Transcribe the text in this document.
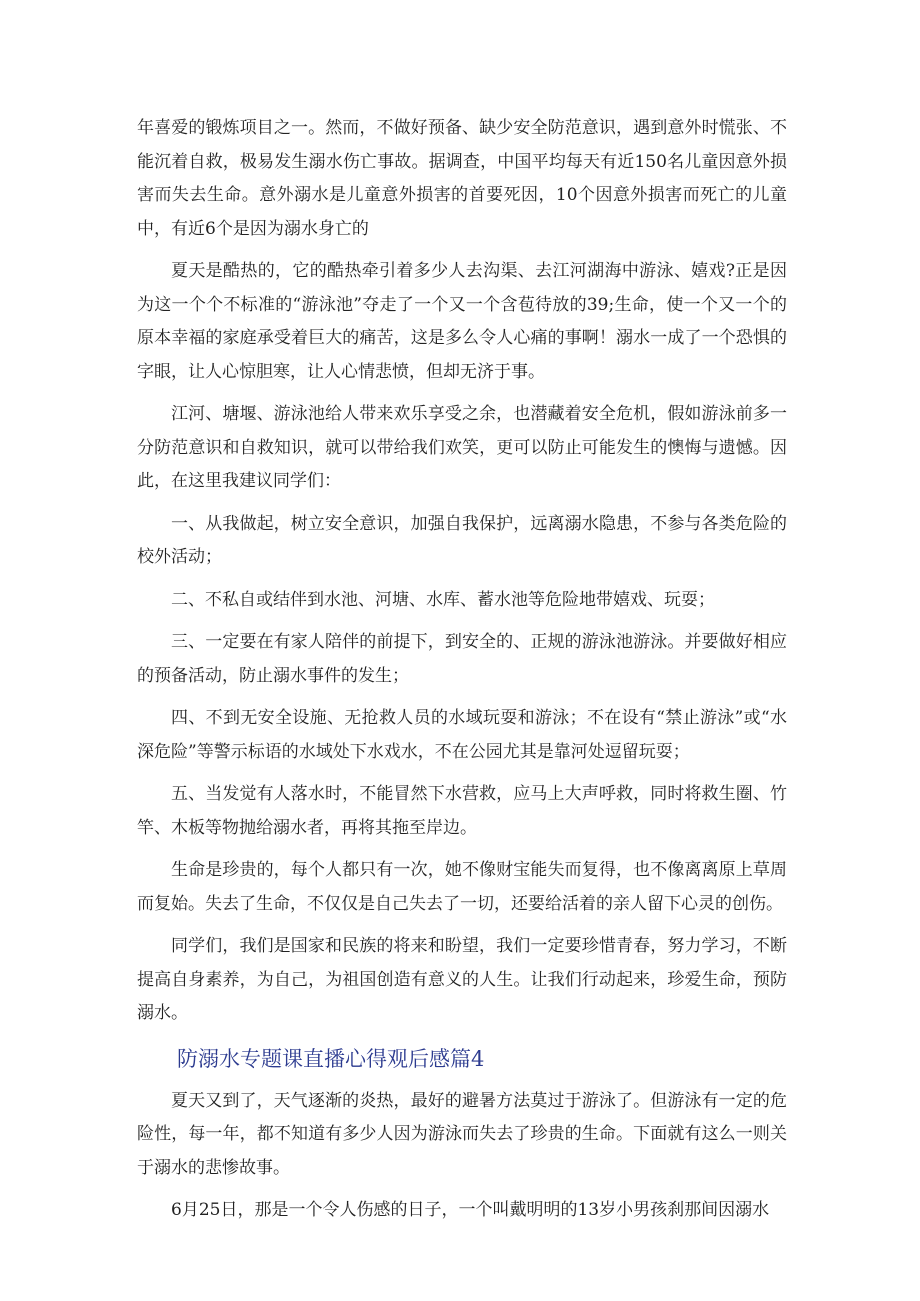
年喜爱的锻炼项目之一。然而，不做好预备、缺少安全防范意识，遇到意外时慌张、不能沉着自救，极易发生溺水伤亡事故。据调查，中国平均每天有近150名儿童因意外损害而失去生命。意外溺水是儿童意外损害的首要死因，10个因意外损害而死亡的儿童中，有近6个是因为溺水身亡的

夏天是酷热的，它的酷热牵引着多少人去沟渠、去江河湖海中游泳、嬉戏?正是因为这一个个不标准的“游泳池”夺走了一个又一个含苞待放的39;生命，使一个又一个的原本幸福的家庭承受着巨大的痛苦，这是多么令人心痛的事啊！溺水一成了一个恐惧的字眼，让人心惊胆寒，让人心情悲愤，但却无济于事。

江河、塘堰、游泳池给人带来欢乐享受之余，也潜藏着安全危机，假如游泳前多一分防范意识和自救知识，就可以带给我们欢笑，更可以防止可能发生的懊悔与遗憾。因此，在这里我建议同学们：

一、从我做起，树立安全意识，加强自我保护，远离溺水隐患，不参与各类危险的校外活动；

二、不私自或结伴到水池、河塘、水库、蓄水池等危险地带嬉戏、玩耍；

三、一定要在有家人陪伴的前提下，到安全的、正规的游泳池游泳。并要做好相应的预备活动，防止溺水事件的发生；

四、不到无安全设施、无抢救人员的水域玩耍和游泳；不在设有“禁止游泳”或“水深危险”等警示标语的水域处下水戏水，不在公园尤其是靠河处逗留玩耍；

五、当发觉有人落水时，不能冒然下水营救，应马上大声呼救，同时将救生圈、竹竿、木板等物抛给溺水者，再将其拖至岸边。

生命是珍贵的，每个人都只有一次，她不像财宝能失而复得，也不像离离原上草周而复始。失去了生命，不仅仅是自己失去了一切，还要给活着的亲人留下心灵的创伤。

同学们，我们是国家和民族的将来和盼望，我们一定要珍惜青春，努力学习，不断提高自身素养，为自己，为祖国创造有意义的人生。让我们行动起来，珍爱生命，预防溺水。

防溺水专题课直播心得观后感篇4

夏天又到了，天气逐渐的炎热，最好的避暑方法莫过于游泳了。但游泳有一定的危险性，每一年，都不知道有多少人因为游泳而失去了珍贵的生命。下面就有这么一则关于溺水的悲惨故事。

6月25日，那是一个令人伤感的日子，一个叫戴明明的13岁小男孩刹那间因溺水
